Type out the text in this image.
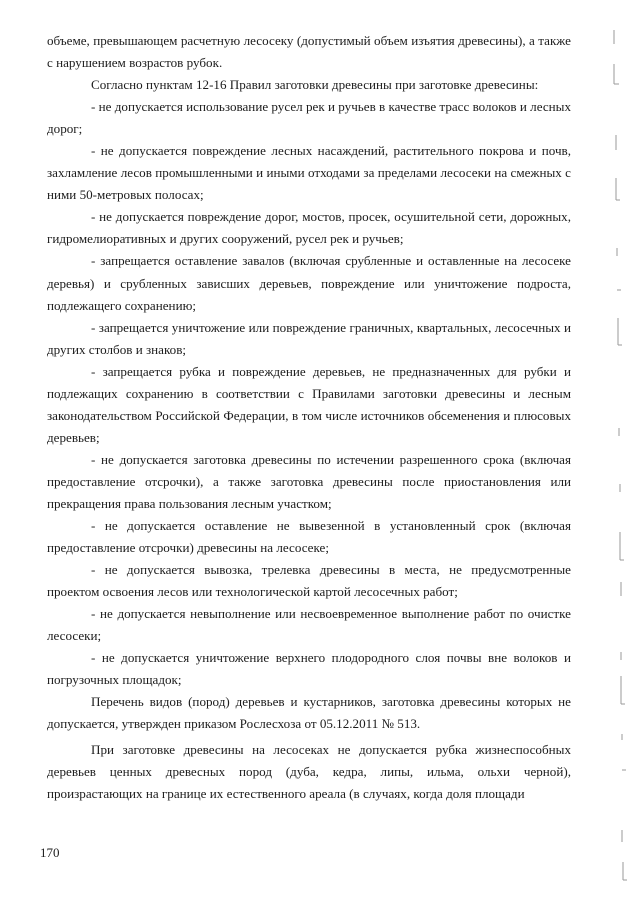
объеме, превышающем расчетную лесосеку (допустимый объем изъятия древесины), а также с нарушением возрастов рубок.

Согласно пунктам 12-16 Правил заготовки древесины при заготовке древесины:

- не допускается использование русел рек и ручьев в качестве трасс волоков и лесных дорог;

- не допускается повреждение лесных насаждений, растительного покрова и почв, захламление лесов промышленными и иными отходами за пределами лесосеки на смежных с ними 50-метровых полосах;

- не допускается повреждение дорог, мостов, просек, осушительной сети, дорожных, гидромелиоративных и других сооружений, русел рек и ручьев;

- запрещается оставление завалов (включая срубленные и оставленные на лесосеке деревья) и срубленных зависших деревьев, повреждение или уничтожение подроста, подлежащего сохранению;

- запрещается уничтожение или повреждение граничных, квартальных, лесосечных и других столбов и знаков;

- запрещается рубка и повреждение деревьев, не предназначенных для рубки и подлежащих сохранению в соответствии с Правилами заготовки древесины и лесным законодательством Российской Федерации, в том числе источников обсеменения и плюсовых деревьев;

- не допускается заготовка древесины по истечении разрешенного срока (включая предоставление отсрочки), а также заготовка древесины после приостановления или прекращения права пользования лесным участком;

- не допускается оставление не вывезенной в установленный срок (включая предоставление отсрочки) древесины на лесосеке;

- не допускается вывозка, трелевка древесины в места, не предусмотренные проектом освоения лесов или технологической картой лесосечных работ;

- не допускается невыполнение или несвоевременное выполнение работ по очистке лесосеки;

- не допускается уничтожение верхнего плодородного слоя почвы вне волоков и погрузочных площадок;

Перечень видов (пород) деревьев и кустарников, заготовка древесины которых не допускается, утвержден приказом Рослесхоза от 05.12.2011 № 513.

При заготовке древесины на лесосеках не допускается рубка жизнеспособных деревьев ценных древесных пород (дуба, кедра, липы, ильма, ольхи черной), произрастающих на границе их естественного ареала (в случаях, когда доля площади

170
